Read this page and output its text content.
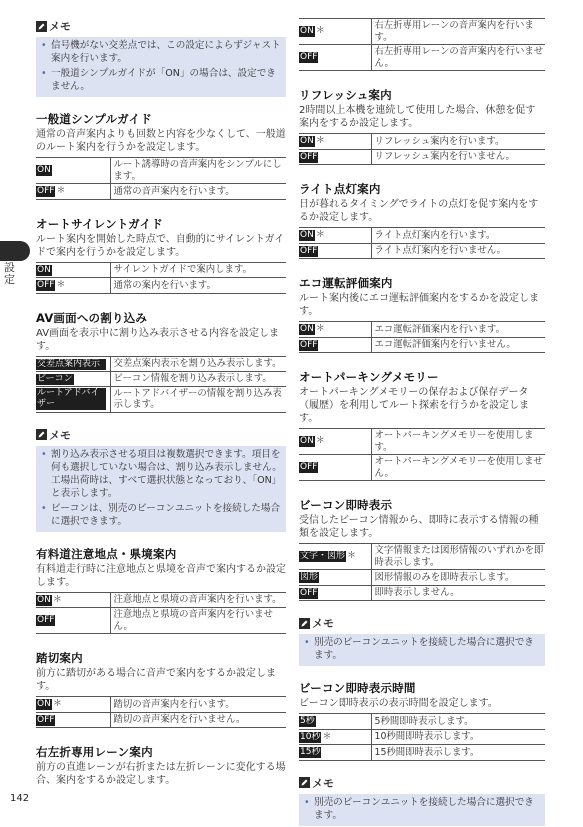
設定
142
メモ
• 信号機がない交差点では、この設定によらずジャスト案内を行います。
• 一般道シンプルガイドが「ON」の場合は、設定できません。
一般道シンプルガイド
通常の音声案内よりも回数と内容を少なくして、一般道のルート案内を行うかを設定します。
ON	ルート誘導時の音声案内をシンプルにします。
OFF ＊	通常の音声案内を行います。
オートサイレントガイド
ルート案内を開始した時点で、自動的にサイレントガイドで案内を行うかを設定します。
ON	サイレントガイドで案内します。
OFF ＊	通常の案内を行います。
AV画面への割り込み
AV画面を表示中に割り込み表示させる内容を設定します。
交差点案内表示	交差点案内表示を割り込み表示します。
ビーコン	ビーコン情報を割り込み表示します。
ルートアドバイザー	ルートアドバイザーの情報を割り込み表示します。
メモ
• 割り込み表示させる項目は複数選択できます。項目を何も選択していない場合は、割り込み表示しません。工場出荷時は、すべて選択状態となっており、「ON」と表示します。
• ビーコンは、別売のビーコンユニットを接続した場合に選択できます。
有料道注意地点・県境案内
有料道走行時に注意地点と県境を音声で案内するか設定します。
ON ＊	注意地点と県境の音声案内を行います。
OFF	注意地点と県境の音声案内を行いません。
踏切案内
前方に踏切がある場合に音声で案内をするか設定します。
ON ＊	踏切の音声案内を行います。
OFF	踏切の音声案内を行いません。
右左折専用レーン案内
前方の直進レーンが右折または左折レーンに変化する場合、案内をするか設定します。
ON ＊	右左折専用レーンの音声案内を行います。
OFF	右左折専用レーンの音声案内を行いません。
リフレッシュ案内
2時間以上本機を連続して使用した場合、休憩を促す案内をするか設定します。
ON ＊	リフレッシュ案内を行います。
OFF	リフレッシュ案内を行いません。
ライト点灯案内
日が暮れるタイミングでライトの点灯を促す案内をするか設定します。
ON ＊	ライト点灯案内を行います。
OFF	ライト点灯案内を行いません。
エコ運転評価案内
ルート案内後にエコ運転評価案内をするかを設定します。
ON ＊	エコ運転評価案内を行います。
OFF	エコ運転評価案内を行いません。
オートパーキングメモリー
オートパーキングメモリーの保存および保存データ（履歴）を利用してルート探索を行うかを設定します。
ON ＊	オートパーキングメモリーを使用します。
OFF	オートパーキングメモリーを使用しません。
ビーコン即時表示
受信したビーコン情報から、即時に表示する情報の種類を設定します。
文字・図形 ＊	文字情報または図形情報のいずれかを即時表示します。
図形	図形情報のみを即時表示します。
OFF	即時表示しません。
メモ
• 別売のビーコンユニットを接続した場合に選択できます。
ビーコン即時表示時間
ビーコン即時表示の表示時間を設定します。
5秒	5秒間即時表示します。
10秒 ＊	10秒間即時表示します。
15秒	15秒間即時表示します。
メモ
• 別売のビーコンユニットを接続した場合に選択できます。
